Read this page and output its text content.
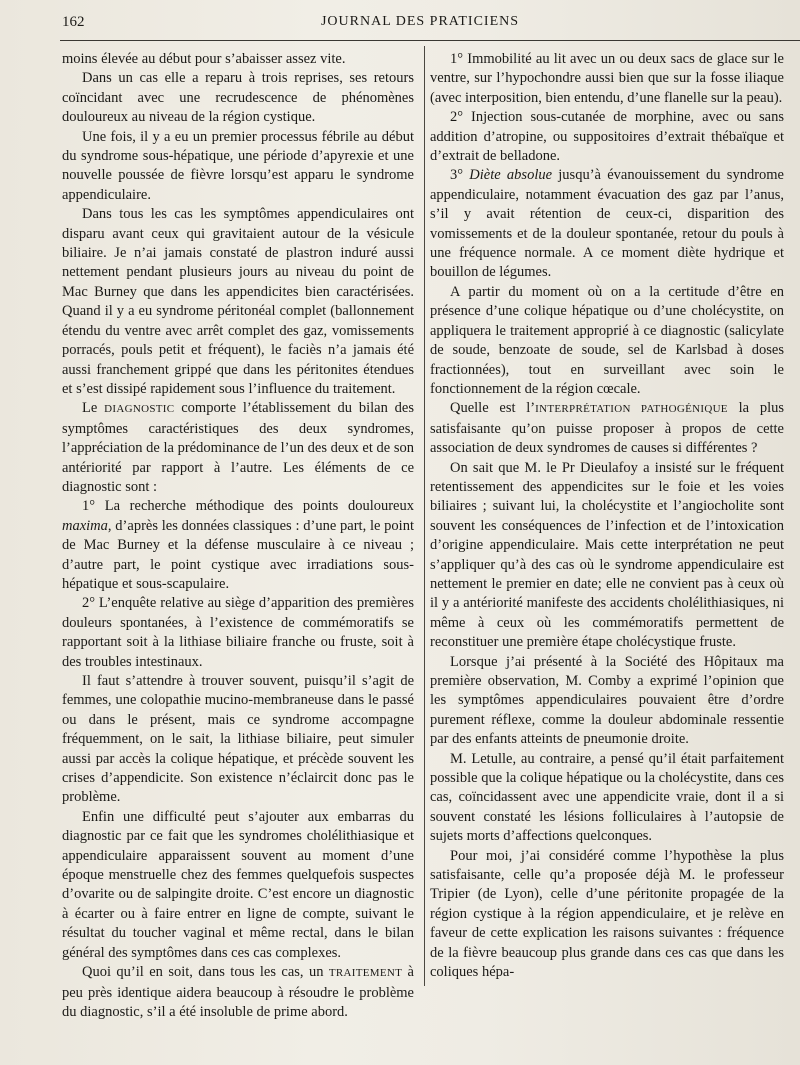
162	JOURNAL DES PRATICIENS

moins élevée au début pour s’abaisser assez vite.

Dans un cas elle a reparu à trois reprises, ses retours coïncidant avec une recrudescence de phénomènes douloureux au niveau de la région cystique.

Une fois, il y a eu un premier processus fébrile au début du syndrome sous-hépatique, une période d’apyrexie et une nouvelle poussée de fièvre lorsqu’est apparu le syndrome appendiculaire.

Dans tous les cas les symptômes appendiculaires ont disparu avant ceux qui gravitaient autour de la vésicule biliaire. Je n’ai jamais constaté de plastron induré aussi nettement pendant plusieurs jours au niveau du point de Mac Burney que dans les appendicites bien caractérisées. Quand il y a eu syndrome péritonéal complet (ballonnement étendu du ventre avec arrêt complet des gaz, vomissements porracés, pouls petit et fréquent), le faciès n’a jamais été aussi franchement grippé que dans les péritonites étendues et s’est dissipé rapidement sous l’influence du traitement.

Le DIAGNOSTIC comporte l’établissement du bilan des symptômes caractéristiques des deux syndromes, l’appréciation de la prédominance de l’un des deux et de son antériorité par rapport à l’autre. Les éléments de ce diagnostic sont :

1° La recherche méthodique des points douloureux maxima, d’après les données classiques : d’une part, le point de Mac Burney et la défense musculaire à ce niveau ; d’autre part, le point cystique avec irradiations sous-hépatique et sous-scapulaire.

2° L’enquête relative au siège d’apparition des premières douleurs spontanées, à l’existence de commémoratifs se rapportant soit à la lithiase biliaire franche ou fruste, soit à des troubles intestinaux.

Il faut s’attendre à trouver souvent, puisqu’il s’agit de femmes, une colopathie mucino-membraneuse dans le passé ou dans le présent, mais ce syndrome accompagne fréquemment, on le sait, la lithiase biliaire, peut simuler aussi par accès la colique hépatique, et précède souvent les crises d’appendicite. Son existence n’éclaircit donc pas le problème.

Enfin une difficulté peut s’ajouter aux embarras du diagnostic par ce fait que les syndromes cholélithiasique et appendiculaire apparaissent souvent au moment d’une époque menstruelle chez des femmes quelquefois suspectes d’ovarite ou de salpingite droite. C’est encore un diagnostic à écarter ou à faire entrer en ligne de compte, suivant le résultat du toucher vaginal et même rectal, dans le bilan général des symptômes dans ces cas complexes.

Quoi qu’il en soit, dans tous les cas, un TRAITEMENT à peu près identique aidera beaucoup à résoudre le problème du diagnostic, s’il a été insoluble de prime abord.

1° Immobilité au lit avec un ou deux sacs de glace sur le ventre, sur l’hypochondre aussi bien que sur la fosse iliaque (avec interposition, bien entendu, d’une flanelle sur la peau).

2° Injection sous-cutanée de morphine, avec ou sans addition d’atropine, ou suppositoires d’extrait thébaïque et d’extrait de belladone.

3° Diète absolue jusqu’à évanouissement du syndrome appendiculaire, notamment évacuation des gaz par l’anus, s’il y avait rétention de ceux-ci, disparition des vomissements et de la douleur spontanée, retour du pouls à une fréquence normale. A ce moment diète hydrique et bouillon de légumes.

A partir du moment où on a la certitude d’être en présence d’une colique hépatique ou d’une cholécystite, on appliquera le traitement approprié à ce diagnostic (salicylate de soude, benzoate de soude, sel de Karlsbad à doses fractionnées), tout en surveillant avec soin le fonctionnement de la région cœcale.

Quelle est l’INTERPRÉTATION PATHOGÉNIQUE la plus satisfaisante qu’on puisse proposer à propos de cette association de deux syndromes de causes si différentes ?

On sait que M. le Pr Dieulafoy a insisté sur le fréquent retentissement des appendicites sur le foie et les voies biliaires ; suivant lui, la cholécystite et l’angiocholite sont souvent les conséquences de l’infection et de l’intoxication d’origine appendiculaire. Mais cette interprétation ne peut s’appliquer qu’à des cas où le syndrome appendiculaire est nettement le premier en date; elle ne convient pas à ceux où il y a antériorité manifeste des accidents cholélithiasiques, ni même à ceux où les commémoratifs permettent de reconstituer une première étape cholécystique fruste.

Lorsque j’ai présenté à la Société des Hôpitaux ma première observation, M. Comby a exprimé l’opinion que les symptômes appendiculaires pouvaient être d’ordre purement réflexe, comme la douleur abdominale ressentie par des enfants atteints de pneumonie droite.

M. Letulle, au contraire, a pensé qu’il était parfaitement possible que la colique hépatique ou la cholécystite, dans ces cas, coïncidassent avec une appendicite vraie, dont il a si souvent constaté les lésions folliculaires à l’autopsie de sujets morts d’affections quelconques.

Pour moi, j’ai considéré comme l’hypothèse la plus satisfaisante, celle qu’a proposée déjà M. le professeur Tripier (de Lyon), celle d’une péritonite propagée de la région cystique à la région appendiculaire, et je relève en faveur de cette explication les raisons suivantes : fréquence de la fièvre beaucoup plus grande dans ces cas que dans les coliques hépa-
